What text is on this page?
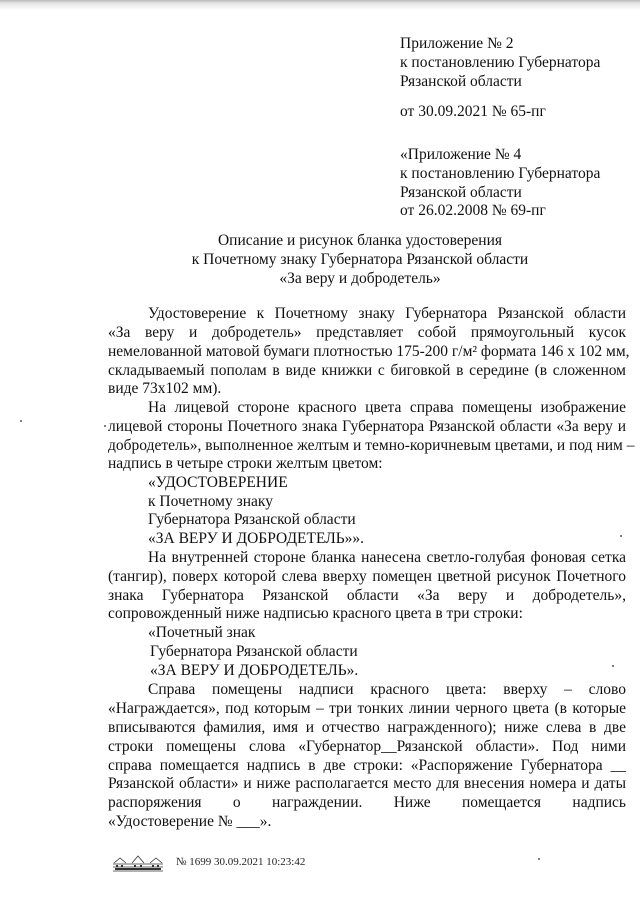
Приложение № 2
к постановлению Губернатора
Рязанской области
от 30.09.2021 № 65-пг
«Приложение № 4
к постановлению Губернатора
Рязанской области
от 26.02.2008 № 69-пг
Описание и рисунок бланка удостоверения
к Почетному знаку Губернатора Рязанской области
«За веру и добродетель»
Удостоверение к Почетному знаку Губернатора Рязанской области
«За веру и добродетель» представляет собой прямоугольный кусок
немелованной матовой бумаги плотностью 175-200 г/м² формата 146 х 102 мм,
складываемый пополам в виде книжки с биговкой в середине (в сложенном
виде 73х102 мм).
На лицевой стороне красного цвета справа помещены изображение
лицевой стороны Почетного знака Губернатора Рязанской области «За веру и
добродетель», выполненное желтым и темно-коричневым цветами, и под ним –
надпись в четыре строки желтым цветом:
«УДОСТОВЕРЕНИЕ
к Почетному знаку
Губернатора Рязанской области
«ЗА ВЕРУ И ДОБРОДЕТЕЛЬ»».
На внутренней стороне бланка нанесена светло-голубая фоновая сетка
(тангир), поверх которой слева вверху помещен цветной рисунок Почетного
знака Губернатора Рязанской области «За веру и добродетель»,
сопровожденный ниже надписью красного цвета в три строки:
«Почетный знак
Губернатора Рязанской области
«ЗА ВЕРУ И ДОБРОДЕТЕЛЬ».
Справа помещены надписи красного цвета: вверху – слово
«Награждается», под которым – три тонких линии черного цвета (в которые
вписываются фамилия, имя и отчество награжденного); ниже слева в две
строки помещены слова «Губернатор__Рязанской области». Под ними
справа помещается надпись в две строки: «Распоряжение Губернатора __
Рязанской области» и ниже располагается место для внесения номера и даты
распоряжения о награждении. Ниже помещается надпись
«Удостоверение № ___».
№ 1699 30.09.2021 10:23:42
